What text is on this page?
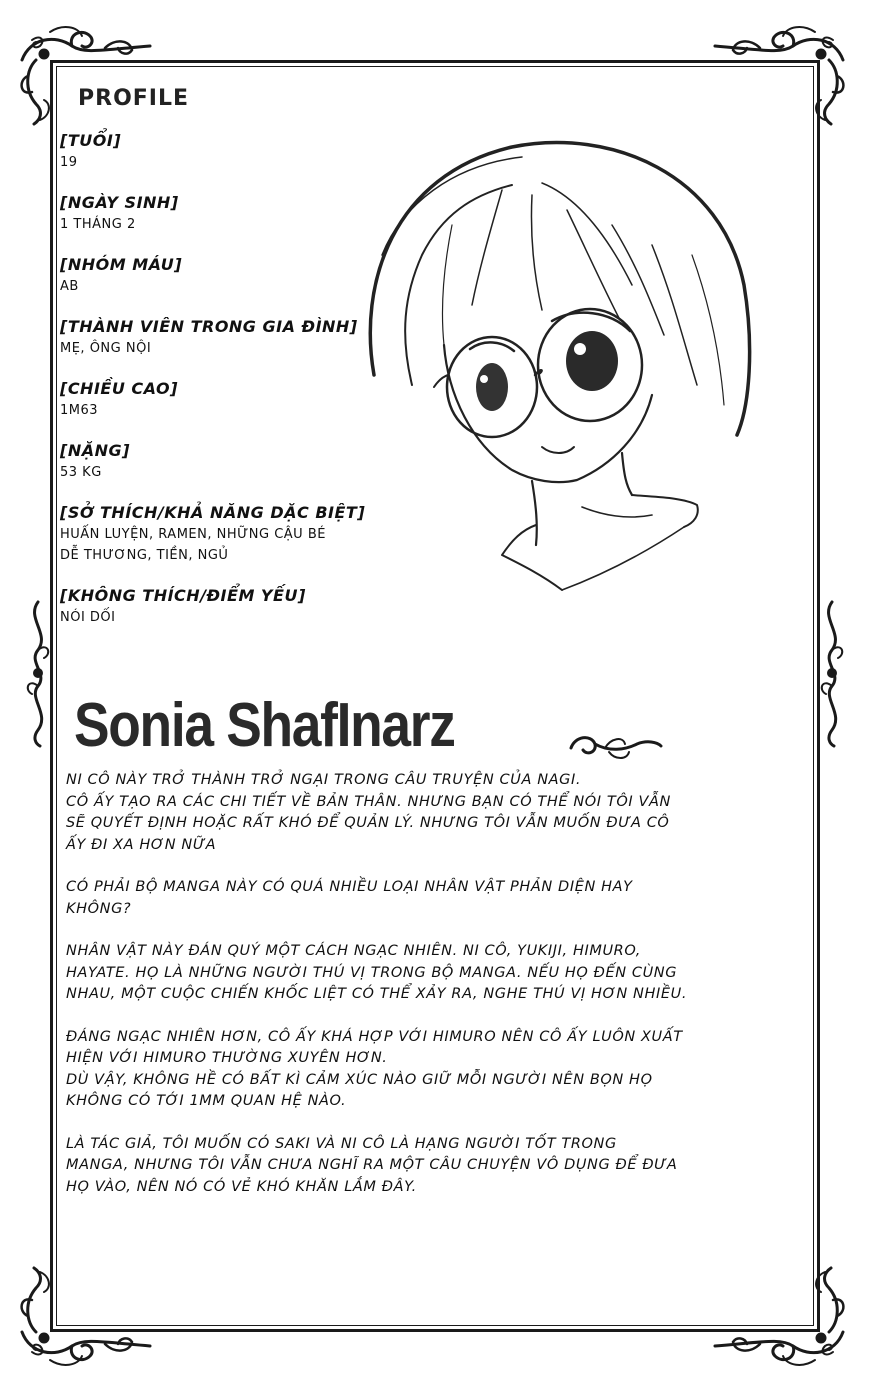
PROFILE
[TUỔI]
19
[NGÀY SINH]
1 THÁNG 2
[NHÓM MÁU]
AB
[THÀNH VIÊN TRONG GIA ĐÌNH]
MẸ, ÔNG NỘI
[CHIỀU CAO]
1M63
[NẶNG]
53 KG
[SỞ THÍCH/KHẢ NĂNG DẶC BIỆT]
HUẤN LUYỆN, RAMEN, NHỮNG CẬU BÉ
DỄ THƯƠNG, TIỀN, NGỦ
[KHÔNG THÍCH/ĐIỂM YẾU]
NÓI DỐI
Sonia ShafInarz

NI CÔ NÀY TRỞ THÀNH TRỞ NGẠI TRONG CÂU TRUYỆN CỦA NAGI.
CÔ ẤY TẠO RA CÁC CHI TIẾT VỀ BẢN THÂN. NHƯNG BẠN CÓ THỂ NÓI TÔI VẪN
SẼ QUYẾT ĐỊNH HOẶC RẤT KHÓ ĐỂ QUẢN LÝ. NHƯNG TÔI VẪN MUỐN ĐƯA CÔ
ẤY ĐI XA HƠN NỮA

CÓ PHẢI BỘ MANGA NÀY CÓ QUÁ NHIỀU LOẠI NHÂN VẬT PHẢN DIỆN HAY
KHÔNG?

NHÂN VẬT NÀY ĐÁN QUÝ MỘT CÁCH NGẠC NHIÊN. NI CÔ, YUKIJI, HIMURO,
HAYATE. HỌ LÀ NHỮNG NGƯỜI THÚ VỊ TRONG BỘ MANGA. NẾU HỌ ĐẾN CÙNG
NHAU, MỘT CUỘC CHIẾN KHỐC LIỆT CÓ THỂ XẢY RA, NGHE THÚ VỊ HƠN NHIỀU.

ĐÁNG NGẠC NHIÊN HƠN, CÔ ẤY KHÁ HỢP VỚI HIMURO NÊN CÔ ẤY LUÔN XUẤT
HIỆN VỚI HIMURO THƯỜNG XUYÊN HƠN.
DÙ VẬY, KHÔNG HỀ CÓ BẤT KÌ CẢM XÚC NÀO GIỮ MỖI NGƯỜI NÊN BỌN HỌ
KHÔNG CÓ TỚI 1MM QUAN HỆ NÀO.

LÀ TÁC GIẢ, TÔI MUỐN CÓ SAKI VÀ NI CÔ LÀ HẠNG NGƯỜI TỐT TRONG
MANGA, NHƯNG TÔI VẪN CHƯA NGHĨ RA MỘT CÂU CHUYỆN VÔ DỤNG ĐỂ ĐƯA
HỌ VÀO, NÊN NÓ CÓ VẺ KHÓ KHĂN LẮM ĐÂY.
